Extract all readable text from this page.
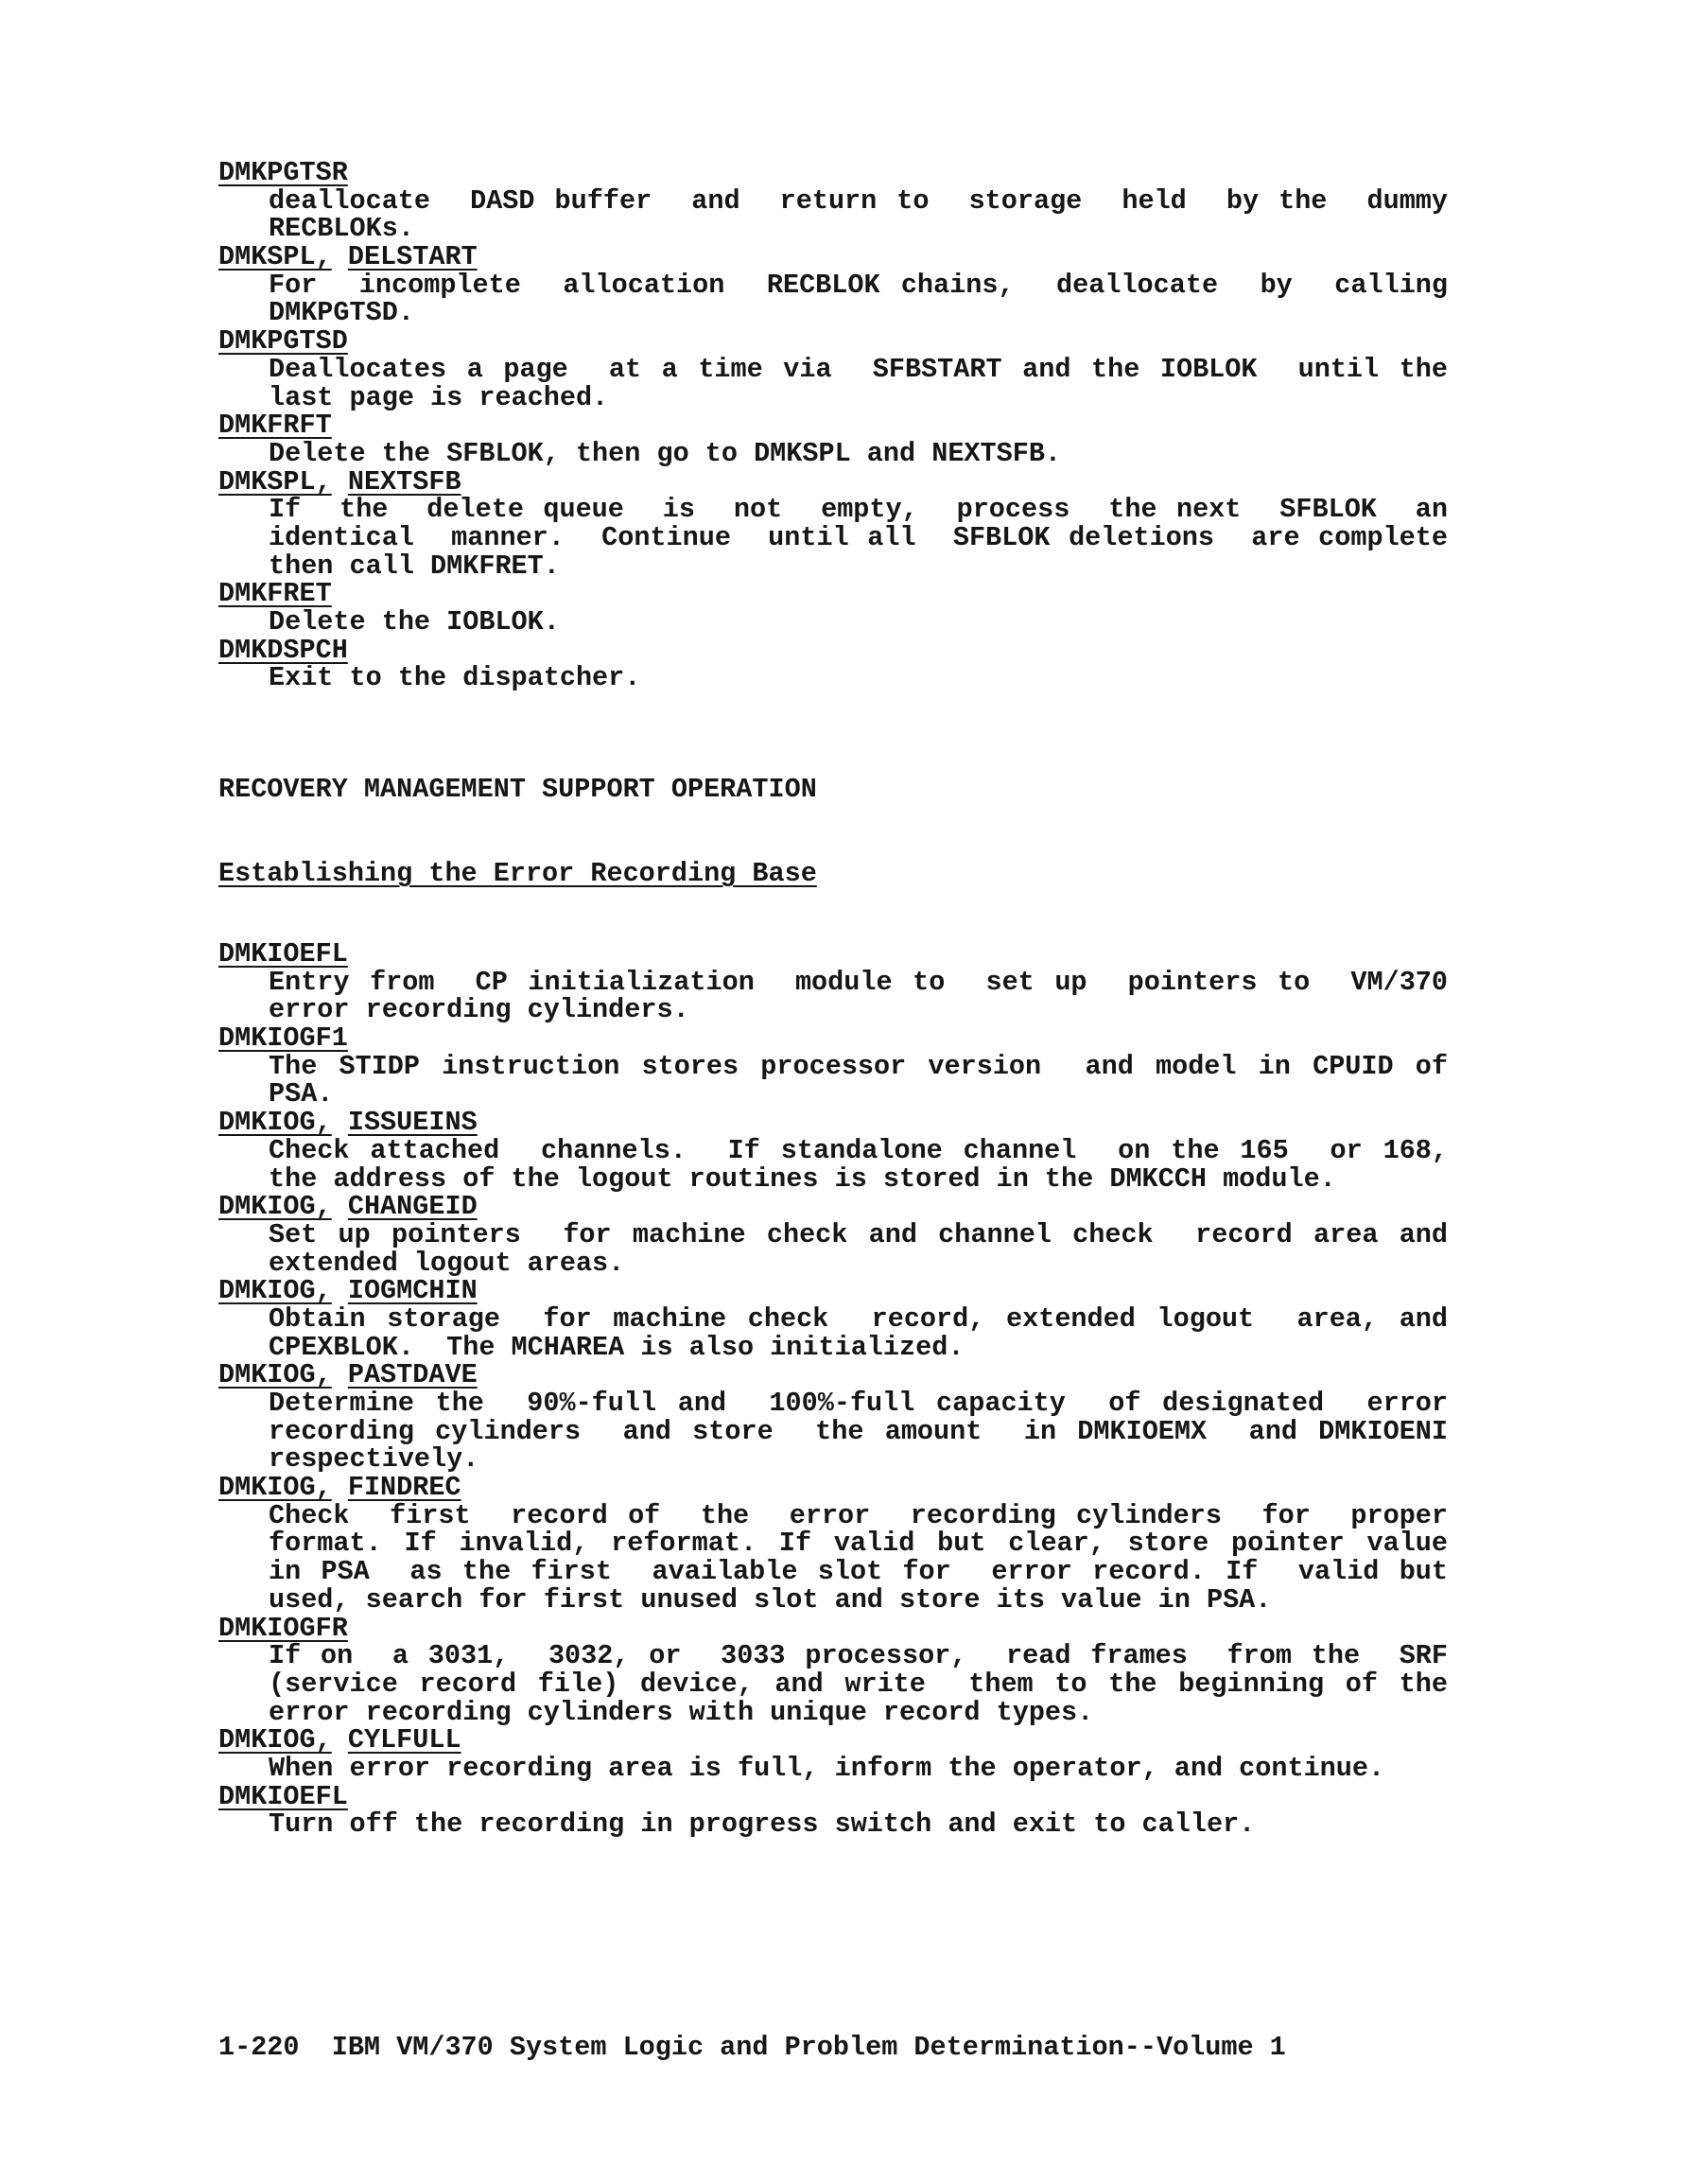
DMKPGTSR
deallocate  DASD buffer  and  return to  storage  held  by the  dummy
RECBLOKs.
DMKSPL, DELSTART
For  incomplete  allocation  RECBLOK chains,  deallocate  by  calling
DMKPGTSD.
DMKPGTSD
Deallocates a page  at a time via  SFBSTART and the IOBLOK  until the
last page is reached.
DMKFRFT
Delete the SFBLOK, then go to DMKSPL and NEXTSFB.
DMKSPL, NEXTSFB
If  the  delete queue  is  not  empty,  process  the next  SFBLOK  an
identical  manner.  Continue  until all  SFBLOK deletions  are complete
then call DMKFRET.
DMKFRET
Delete the IOBLOK.
DMKDSPCH
Exit to the dispatcher.
RECOVERY MANAGEMENT SUPPORT OPERATION
Establishing the Error Recording Base
DMKIOEFL
Entry from  CP initialization  module to  set up  pointers to  VM/370
error recording cylinders.
DMKIOGF1
The STIDP instruction stores processor version  and model in CPUID of
PSA.
DMKIOG, ISSUEINS
Check attached  channels.  If standalone channel  on the 165  or 168,
the address of the logout routines is stored in the DMKCCH module.
DMKIOG, CHANGEID
Set up pointers  for machine check and channel check  record area and
extended logout areas.
DMKIOG, IOGMCHIN
Obtain storage  for machine check  record, extended logout  area, and
CPEXBLOK.  The MCHAREA is also initialized.
DMKIOG, PASTDAVE
Determine the  90%-full and  100%-full capacity  of designated  error
recording cylinders  and store  the amount  in DMKIOEMX  and DMKIOENI
respectively.
DMKIOG, FINDREC
Check  first  record of  the  error  recording cylinders  for  proper
format. If invalid, reformat. If valid but clear, store pointer value
in PSA  as the first  available slot for  error record. If  valid but
used, search for first unused slot and store its value in PSA.
DMKIOGFR
If on  a 3031,  3032, or  3033 processor,  read frames  from the  SRF
(service record file) device, and write  them to the beginning of the
error recording cylinders with unique record types.
DMKIOG, CYLFULL
When error recording area is full, inform the operator, and continue.
DMKIOEFL
Turn off the recording in progress switch and exit to caller.
1-220  IBM VM/370 System Logic and Problem Determination--Volume 1
